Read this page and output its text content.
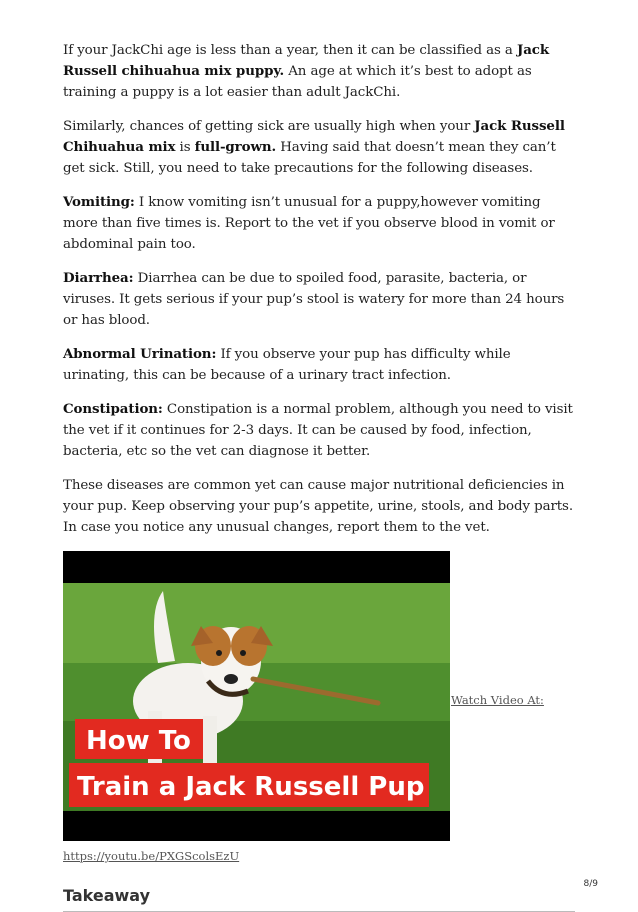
If your JackChi age is less than a year, then it can be classified as a Jack Russell chihuahua mix puppy. An age at which it’s best to adopt as training a puppy is a lot easier than adult JackChi.

Similarly, chances of getting sick are usually high when your Jack Russell Chihuahua mix is full-grown. Having said that doesn’t mean they can’t get sick. Still, you need to take precautions for the following diseases.

Vomiting: I know vomiting isn’t unusual for a puppy,however vomiting more than five times is. Report to the vet if you observe blood in vomit or abdominal pain too.

Diarrhea: Diarrhea can be due to spoiled food, parasite, bacteria, or viruses. It gets serious if your pup’s stool is watery for more than 24 hours or has blood.

Abnormal Urination: If you observe your pup has difficulty while urinating, this can be because of a urinary tract infection.

Constipation: Constipation is a normal problem, although you need to visit the vet if it continues for 2-3 days. It can be caused by food, infection, bacteria, etc so the vet can diagnose it better.

These diseases are common yet can cause major nutritional deficiencies in your pup. Keep observing your pup’s appetite, urine, stools, and body parts. In case you notice any unusual changes, report them to the vet.

How To
Train a Jack Russell Pup
Watch Video At:
https://youtu.be/PXGScolsEzU
Takeaway
8/9
